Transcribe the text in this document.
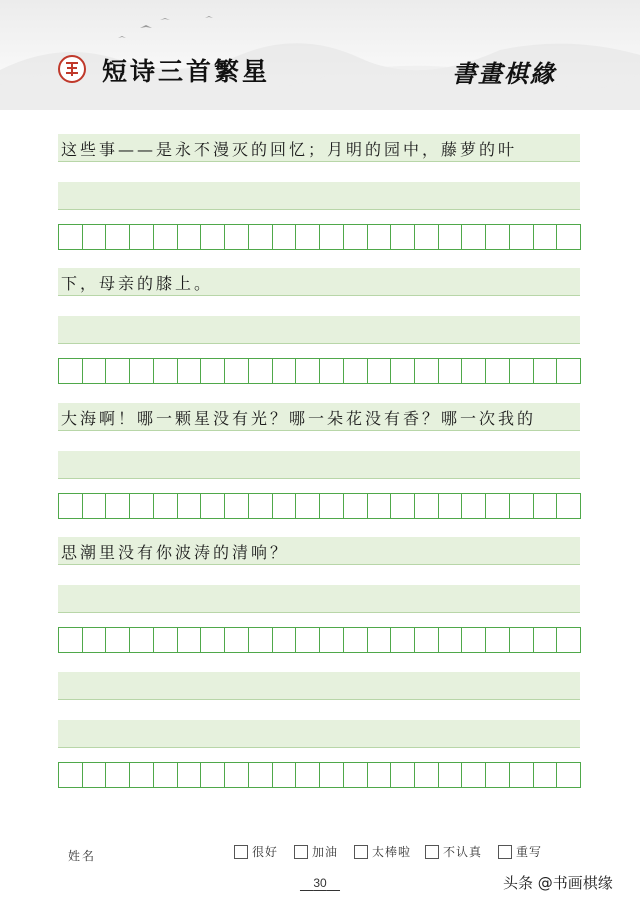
短诗三首繁星	書畫棋緣
这些事——是永不漫灭的回忆；月明的园中，藤萝的叶
下，母亲的膝上。
大海啊！哪一颗星没有光？哪一朵花没有香？哪一次我的
思潮里没有你波涛的清响？
姓名	很好	加油	太棒啦	不认真	重写
30	头条 @书画棋缘
